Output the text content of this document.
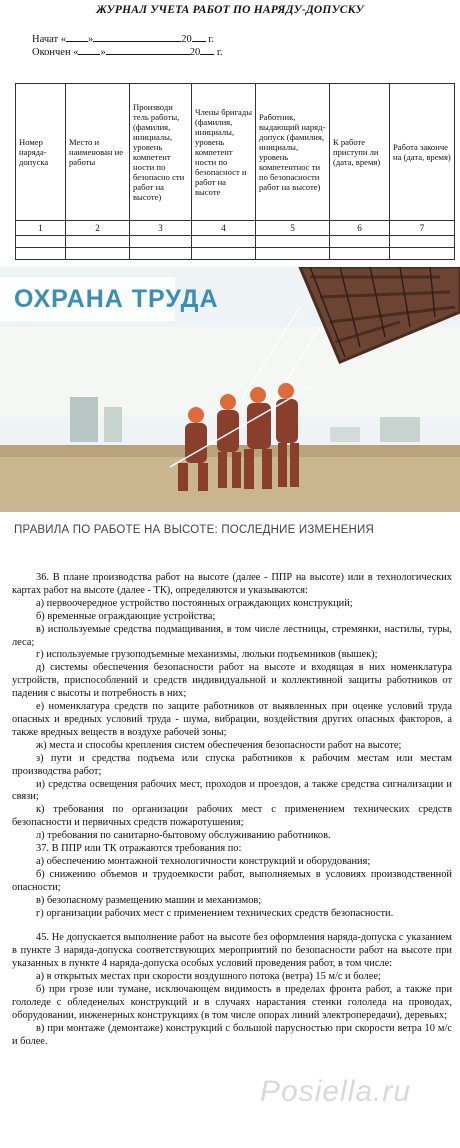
ЖУРНАЛ УЧЕТА РАБОТ ПО НАРЯДУ-ДОПУСКУ
Начат « »	20 г.
Окончен « »	20 г.
Номер наряда-допуска	Место и наименован ие работы	Производи тель работы, (фамилия, инициалы, уровень компетент ности по безопасно сти работ на высоте)	Члены бригады (фамилия, инициалы, уровень компетент ности по безопасност и работ на высоте	Работник, выдающий наряд-допуск (фамилия, инициалы, уровень компетентнос ти по безопасности работ на высоте)	К работе приступи ли (дата, время)	Работа законче на (дата, время)
1	2	3	4	5	6	7

ОХРАНА ТРУДА
ПРАВИЛА ПО РАБОТЕ НА ВЫСОТЕ: ПОСЛЕДНИЕ ИЗМЕНЕНИЯ

36. В плане производства работ на высоте (далее - ППР на высоте) или в технологических картах работ на высоте (далее - ТК), определяются и указываются:

а) первоочередное устройство постоянных ограждающих конструкций;

б) временные ограждающие устройства;

в) используемые средства подмащивания, в том числе лестницы, стремянки, настилы, туры, леса;

г) используемые грузоподъемные механизмы, люльки подъемников (вышек);

д) системы обеспечения безопасности работ на высоте и входящая в них номенклатура устройств, приспособлений и средств индивидуальной и коллективной защиты работников от падения с высоты и потребность в них;

е) номенклатура средств по защите работников от выявленных при оценке условий труда опасных и вредных условий труда - шума, вибрации, воздействия других опасных факторов, а также вредных веществ в воздухе рабочей зоны;

ж) места и способы крепления систем обеспечения безопасности работ на высоте;

з) пути и средства подъема или спуска работников к рабочим местам или местам производства работ;

и) средства освещения рабочих мест, проходов и проездов, а также средства сигнализации и связи;

к) требования по организации рабочих мест с применением технических средств безопасности и первичных средств пожаротушения;

л) требования по санитарно-бытовому обслуживанию работников.

37. В ППР или ТК отражаются требования по:

а) обеспечению монтажной технологичности конструкций и оборудования;

б) снижению объемов и трудоемкости работ, выполняемых в условиях производственной опасности;

в) безопасному размещению машин и механизмов;

г) организации рабочих мест с применением технических средств безопасности.

45. Не допускается выполнение работ на высоте без оформления наряда-допуска с указанием в пункте 3 наряда-допуска соответствующих мероприятий по безопасности работ на высоте при указанных в пункте 4 наряда-допуска особых условий проведения работ, в том числе:

а) в открытых местах при скорости воздушного потока (ветра) 15 м/с и более;

б) при грозе или тумане, исключающем видимость в пределах фронта работ, а также при гололеде с обледенелых конструкций и в случаях нарастания стенки гололеда на проводах, оборудовании, инженерных конструкциях (в том числе опорах линий электропередачи), деревьях;

в) при монтаже (демонтаже) конструкций с большой парусностью при скорости ветра 10 м/с и более.

Posiella.ru
